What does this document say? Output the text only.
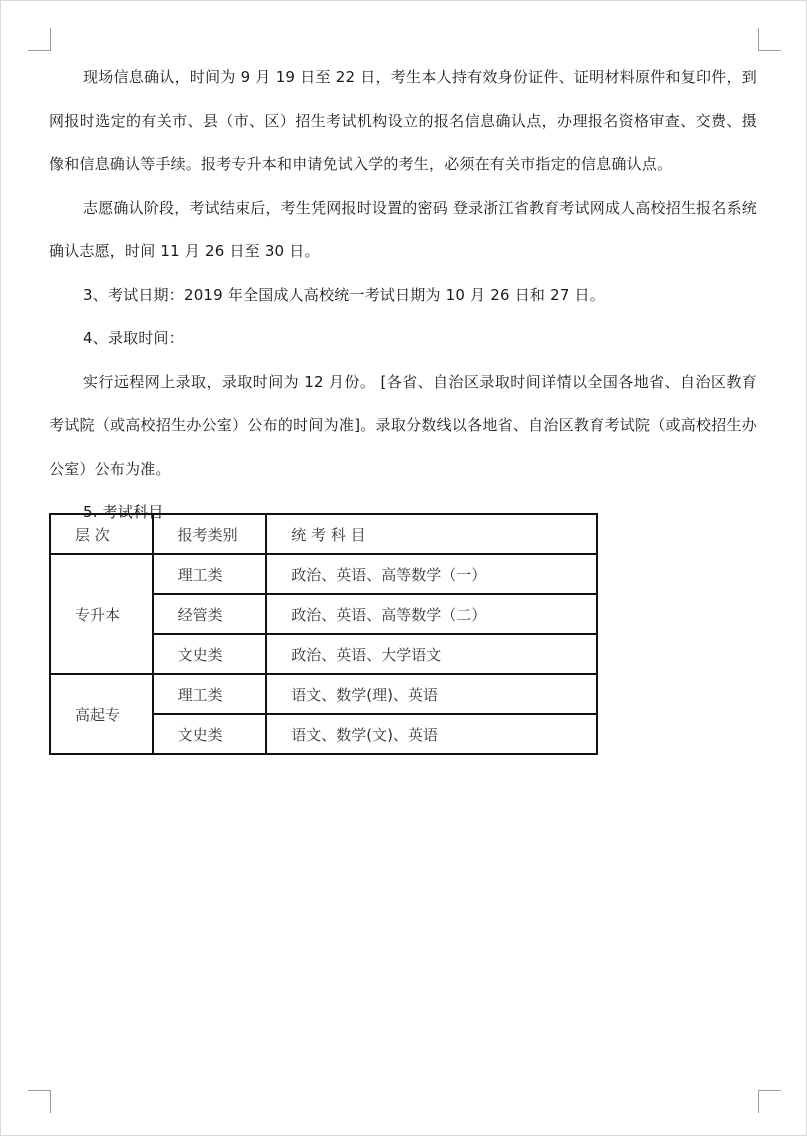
现场信息确认，时间为 9 月 19 日至 22 日，考生本人持有效身份证件、证明材料原件和复印件，到网报时选定的有关市、县（市、区）招生考试机构设立的报名信息确认点，办理报名资格审查、交费、摄像和信息确认等手续。报考专升本和申请免试入学的考生，必须在有关市指定的信息确认点。

志愿确认阶段，考试结束后，考生凭网报时设置的密码 登录浙江省教育考试网成人高校招生报名系统确认志愿，时间 11 月 26 日至 30 日。

3、考试日期：2019 年全国成人高校统一考试日期为 10 月 26 日和 27 日。

4、录取时间：

实行远程网上录取，录取时间为 12 月份。 [各省、自治区录取时间详情以全国各地省、自治区教育考试院（或高校招生办公室）公布的时间为准]。录取分数线以各地省、自治区教育考试院（或高校招生办公室）公布为准。

5. 考试科目

层 次	报考类别	统 考 科 目
专升本	理工类	政治、英语、高等数学（一）
	经管类	政治、英语、高等数学（二）
	文史类	政治、英语、大学语文
高起专	理工类	语文、数学(理)、英语
	文史类	语文、数学(文)、英语
